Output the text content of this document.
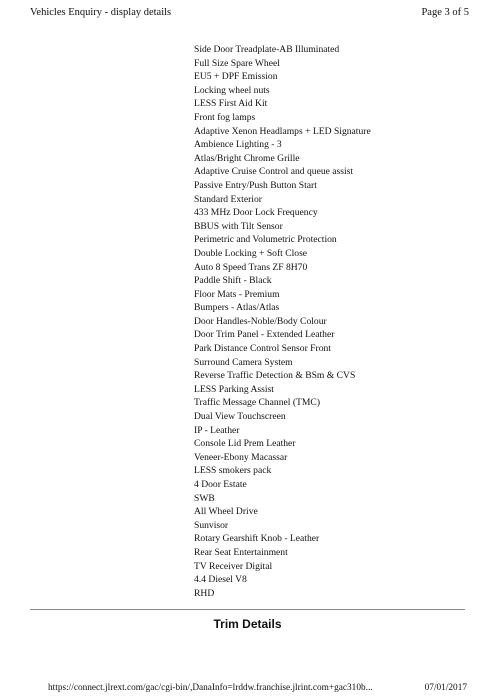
Vehicles Enquiry - display details	Page 3 of 5
Side Door Treadplate-AB Illuminated
Full Size Spare Wheel
EU5 + DPF Emission
Locking wheel nuts
LESS First Aid Kit
Front fog lamps
Adaptive Xenon Headlamps + LED Signature
Ambience Lighting - 3
Atlas/Bright Chrome Grille
Adaptive Cruise Control and queue assist
Passive Entry/Push Button Start
Standard Exterior
433 MHz Door Lock Frequency
BBUS with Tilt Sensor
Perimetric and Volumetric Protection
Double Locking + Soft Close
Auto 8 Speed Trans ZF 8H70
Paddle Shift - Black
Floor Mats - Premium
Bumpers - Atlas/Atlas
Door Handles-Noble/Body Colour
Door Trim Panel - Extended Leather
Park Distance Control Sensor Front
Surround Camera System
Reverse Traffic Detection & BSm & CVS
LESS Parking Assist
Traffic Message Channel (TMC)
Dual View Touchscreen
IP - Leather
Console Lid Prem Leather
Veneer-Ebony Macassar
LESS smokers pack
4 Door Estate
SWB
All Wheel Drive
Sunvisor
Rotary Gearshift Knob - Leather
Rear Seat Entertainment
TV Receiver Digital
4.4 Diesel V8
RHD
Trim Details
https://connect.jlrext.com/gac/cgi-bin/,DanaInfo=lrddw.franchise.jlrint.com+gac310b...	07/01/2017
